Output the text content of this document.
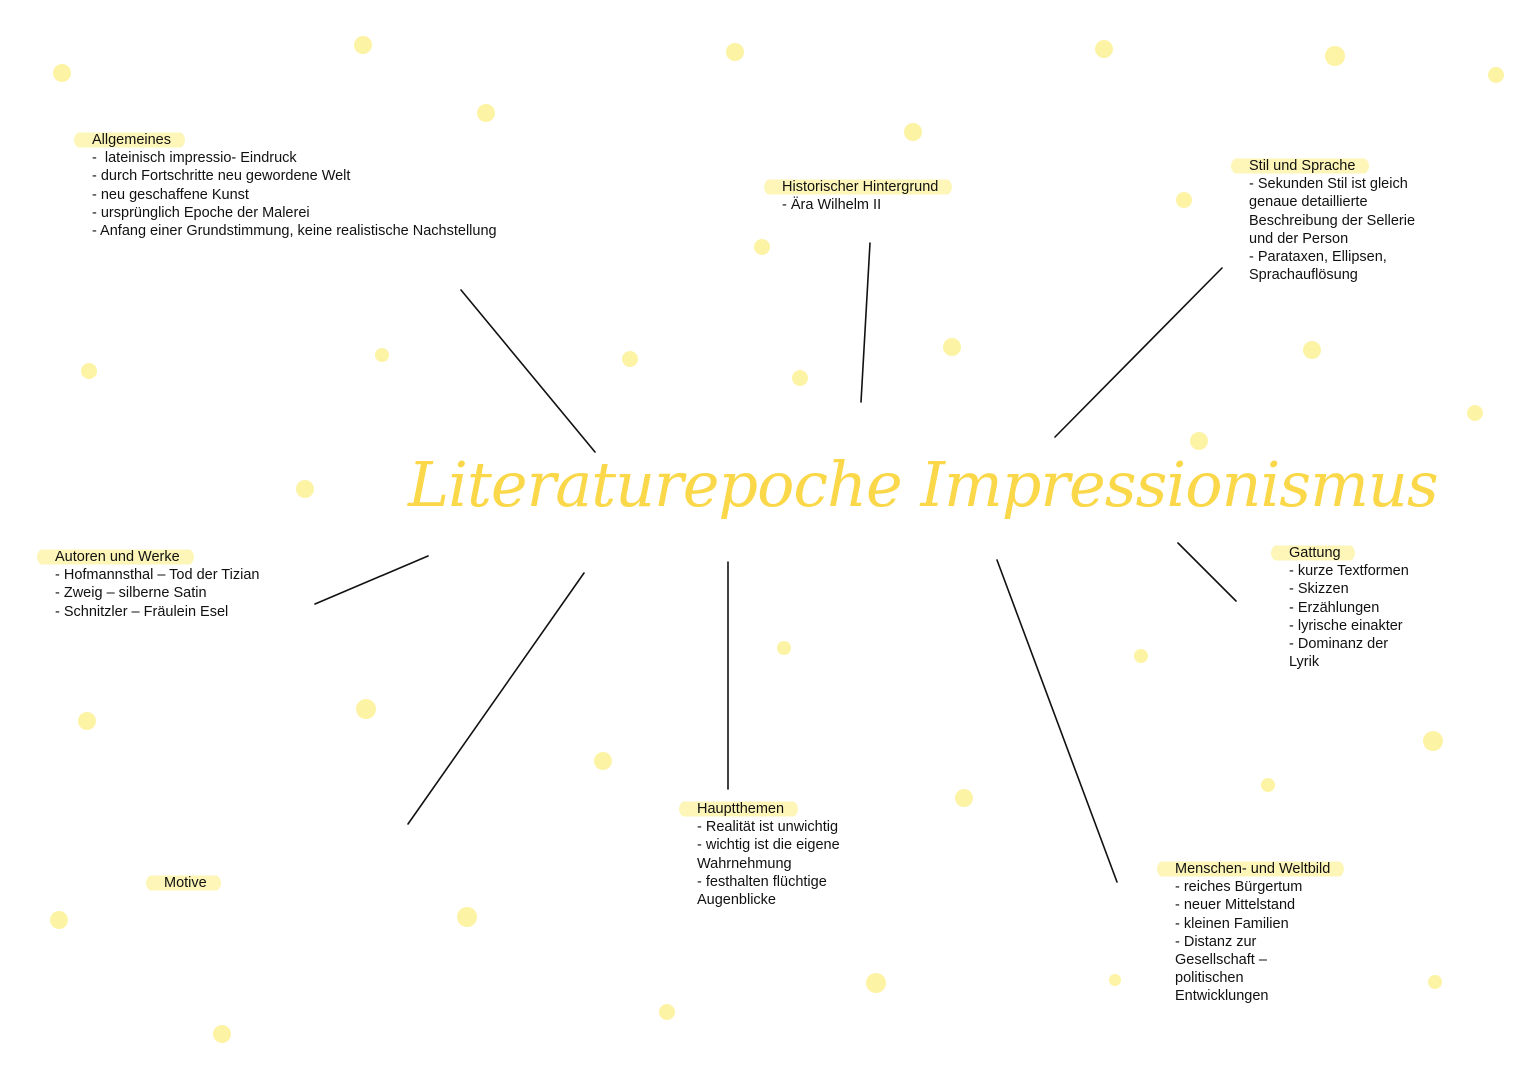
Literaturepoche Impressionismus
Allgemeines
-  lateinisch impressio- Eindruck
- durch Fortschritte neu gewordene Welt
- neu geschaffene Kunst
- ursprünglich Epoche der Malerei
- Anfang einer Grundstimmung, keine realistische Nachstellung
Historischer Hintergrund
- Ära Wilhelm II
Stil und Sprache
- Sekunden Stil ist gleich
genaue detaillierte
Beschreibung der Sellerie
und der Person
- Parataxen, Ellipsen,
Sprachauflösung
Autoren und Werke
- Hofmannsthal – Tod der Tizian
- Zweig – silberne Satin
- Schnitzler – Fräulein Esel
Gattung
- kurze Textformen
- Skizzen
- Erzählungen
- lyrische einakter
- Dominanz der
Lyrik
Motive
Hauptthemen
- Realität ist unwichtig
- wichtig ist die eigene
Wahrnehmung
- festhalten flüchtige
Augenblicke
Menschen- und Weltbild
- reiches Bürgertum
- neuer Mittelstand
- kleinen Familien
- Distanz zur
Gesellschaft –
politischen
Entwicklungen
